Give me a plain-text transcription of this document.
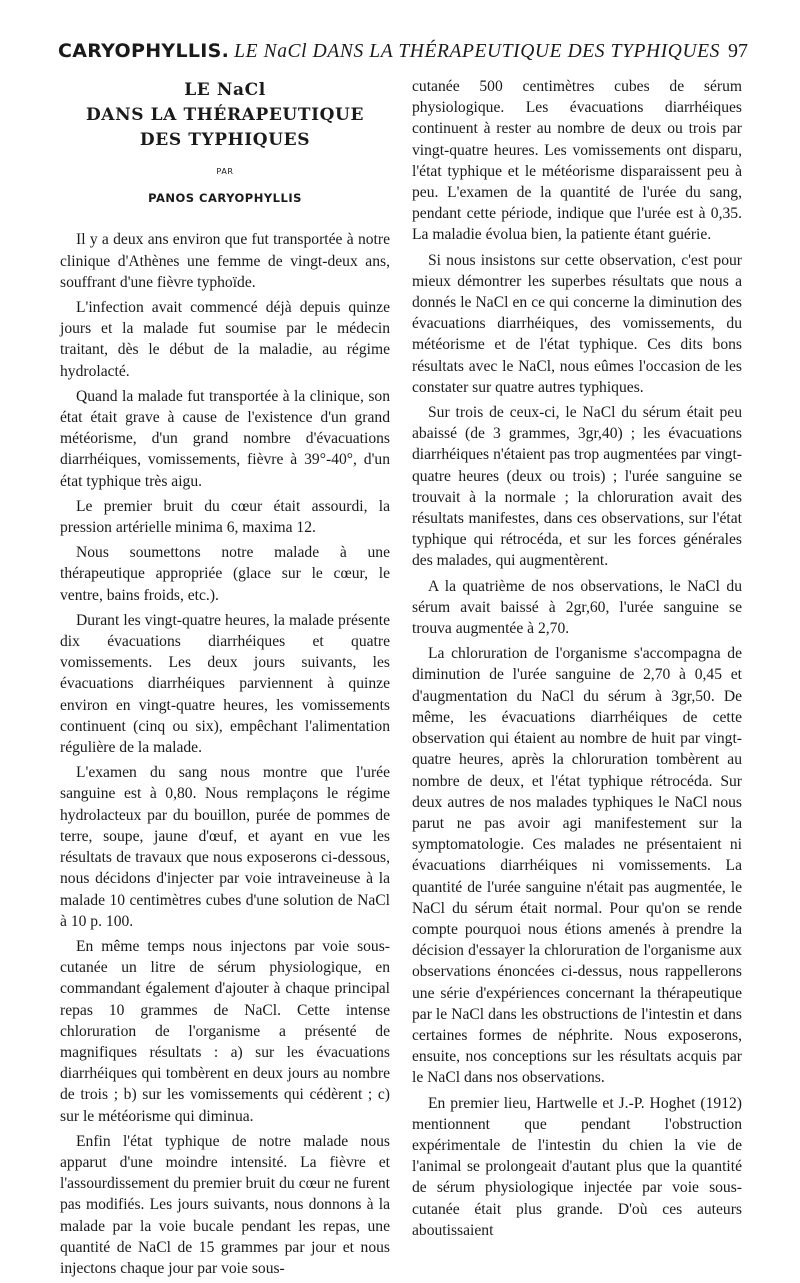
CARYOPHYLLIS. LE NaCl DANS LA THÉRAPEUTIQUE DES TYPHIQUES 97
LE NaCl
DANS LA THÉRAPEUTIQUE
DES TYPHIQUES
PAR
PANOS CARYOPHYLLIS

Il y a deux ans environ que fut transportée à notre clinique d'Athènes une femme de vingt-deux ans, souffrant d'une fièvre typhoïde.

L'infection avait commencé déjà depuis quinze jours et la malade fut soumise par le médecin traitant, dès le début de la maladie, au régime hydrolacté.

Quand la malade fut transportée à la clinique, son état était grave à cause de l'existence d'un grand météorisme, d'un grand nombre d'évacuations diarrhéiques, vomissements, fièvre à 39°-40°, d'un état typhique très aigu.

Le premier bruit du cœur était assourdi, la pression artérielle minima 6, maxima 12.

Nous soumettons notre malade à une thérapeutique appropriée (glace sur le cœur, le ventre, bains froids, etc.).

Durant les vingt-quatre heures, la malade présente dix évacuations diarrhéiques et quatre vomissements. Les deux jours suivants, les évacuations diarrhéiques parviennent à quinze environ en vingt-quatre heures, les vomissements continuent (cinq ou six), empêchant l'alimentation régulière de la malade.

L'examen du sang nous montre que l'urée sanguine est à 0,80. Nous remplaçons le régime hydrolacteux par du bouillon, purée de pommes de terre, soupe, jaune d'œuf, et ayant en vue les résultats de travaux que nous exposerons ci-dessous, nous décidons d'injecter par voie intraveineuse à la malade 10 centimètres cubes d'une solution de NaCl à 10 p. 100.

En même temps nous injectons par voie sous-cutanée un litre de sérum physiologique, en commandant également d'ajouter à chaque principal repas 10 grammes de NaCl. Cette intense chloruration de l'organisme a présenté de magnifiques résultats : a) sur les évacuations diarrhéiques qui tombèrent en deux jours au nombre de trois ; b) sur les vomissements qui cédèrent ; c) sur le météorisme qui diminua.

Enfin l'état typhique de notre malade nous apparut d'une moindre intensité. La fièvre et l'assourdissement du premier bruit du cœur ne furent pas modifiés. Les jours suivants, nous donnons à la malade par la voie bucale pendant les repas, une quantité de NaCl de 15 grammes par jour et nous injectons chaque jour par voie sous-

cutanée 500 centimètres cubes de sérum physiologique. Les évacuations diarrhéiques continuent à rester au nombre de deux ou trois par vingt-quatre heures. Les vomissements ont disparu, l'état typhique et le météorisme disparaissent peu à peu. L'examen de la quantité de l'urée du sang, pendant cette période, indique que l'urée est à 0,35. La maladie évolua bien, la patiente étant guérie.

Si nous insistons sur cette observation, c'est pour mieux démontrer les superbes résultats que nous a donnés le NaCl en ce qui concerne la diminution des évacuations diarrhéiques, des vomissements, du météorisme et de l'état typhique. Ces dits bons résultats avec le NaCl, nous eûmes l'occasion de les constater sur quatre autres typhiques.

Sur trois de ceux-ci, le NaCl du sérum était peu abaissé (de 3 grammes, 3gr,40) ; les évacuations diarrhéiques n'étaient pas trop augmentées par vingt-quatre heures (deux ou trois) ; l'urée sanguine se trouvait à la normale ; la chloruration avait des résultats manifestes, dans ces observations, sur l'état typhique qui rétrocéda, et sur les forces générales des malades, qui augmentèrent.

A la quatrième de nos observations, le NaCl du sérum avait baissé à 2gr,60, l'urée sanguine se trouva augmentée à 2,70.

La chloruration de l'organisme s'accompagna de diminution de l'urée sanguine de 2,70 à 0,45 et d'augmentation du NaCl du sérum à 3gr,50. De même, les évacuations diarrhéiques de cette observation qui étaient au nombre de huit par vingt-quatre heures, après la chloruration tombèrent au nombre de deux, et l'état typhique rétrocéda. Sur deux autres de nos malades typhiques le NaCl nous parut ne pas avoir agi manifestement sur la symptomatologie. Ces malades ne présentaient ni évacuations diarrhéiques ni vomissements. La quantité de l'urée sanguine n'était pas augmentée, le NaCl du sérum était normal. Pour qu'on se rende compte pourquoi nous étions amenés à prendre la décision d'essayer la chloruration de l'organisme aux observations énoncées ci-dessus, nous rappellerons une série d'expériences concernant la thérapeutique par le NaCl dans les obstructions de l'intestin et dans certaines formes de néphrite. Nous exposerons, ensuite, nos conceptions sur les résultats acquis par le NaCl dans nos observations.

En premier lieu, Hartwelle et J.-P. Hoghet (1912) mentionnent que pendant l'obstruction expérimentale de l'intestin du chien la vie de l'animal se prolongeait d'autant plus que la quantité de sérum physiologique injectée par voie sous-cutanée était plus grande. D'où ces auteurs aboutissaient
